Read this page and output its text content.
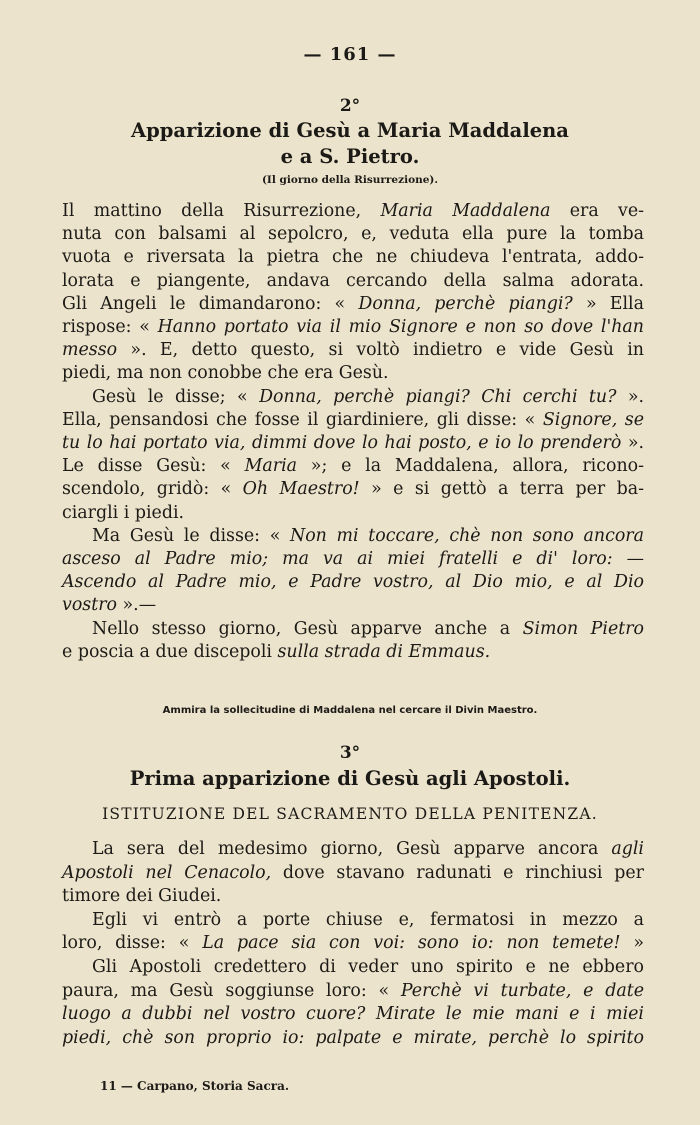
— 161 —
2°
Apparizione di Gesù a Maria Maddalena
e a S. Pietro.
(Il giorno della Risurrezione).
Il mattino della Risurrezione, Maria Maddalena era ve-
nuta con balsami al sepolcro, e, veduta ella pure la tomba
vuota e riversata la pietra che ne chiudeva l'entrata, addo-
lorata e piangente, andava cercando della salma adorata.
Gli Angeli le dimandarono: « Donna, perchè piangi? » Ella
rispose: « Hanno portato via il mio Signore e non so dove l'han
messo ». E, detto questo, si voltò indietro e vide Gesù in
piedi, ma non conobbe che era Gesù.
Gesù le disse; « Donna, perchè piangi? Chi cerchi tu? ».
Ella, pensandosi che fosse il giardiniere, gli disse: « Signore, se
tu lo hai portato via, dimmi dove lo hai posto, e io lo prenderò ».
Le disse Gesù: « Maria »; e la Maddalena, allora, ricono-
scendolo, gridò: « Oh Maestro! » e si gettò a terra per ba-
ciargli i piedi.
Ma Gesù le disse: « Non mi toccare, chè non sono ancora
asceso al Padre mio; ma va ai miei fratelli e di' loro: —
Ascendo al Padre mio, e Padre vostro, al Dio mio, e al Dio
vostro ».—
Nello stesso giorno, Gesù apparve anche a Simon Pietro
e poscia a due discepoli sulla strada di Emmaus.
Ammira la sollecitudine di Maddalena nel cercare il Divin Maestro.
3°
Prima apparizione di Gesù agli Apostoli.
ISTITUZIONE DEL SACRAMENTO DELLA PENITENZA.
La sera del medesimo giorno, Gesù apparve ancora agli
Apostoli nel Cenacolo, dove stavano radunati e rinchiusi per
timore dei Giudei.
Egli vi entrò a porte chiuse e, fermatosi in mezzo a
loro, disse: « La pace sia con voi: sono io: non temete! »
Gli Apostoli credettero di veder uno spirito e ne ebbero
paura, ma Gesù soggiunse loro: « Perchè vi turbate, e date
luogo a dubbi nel vostro cuore? Mirate le mie mani e i miei
piedi, chè son proprio io: palpate e mirate, perchè lo spirito
11 — Carpano, Storia Sacra.
